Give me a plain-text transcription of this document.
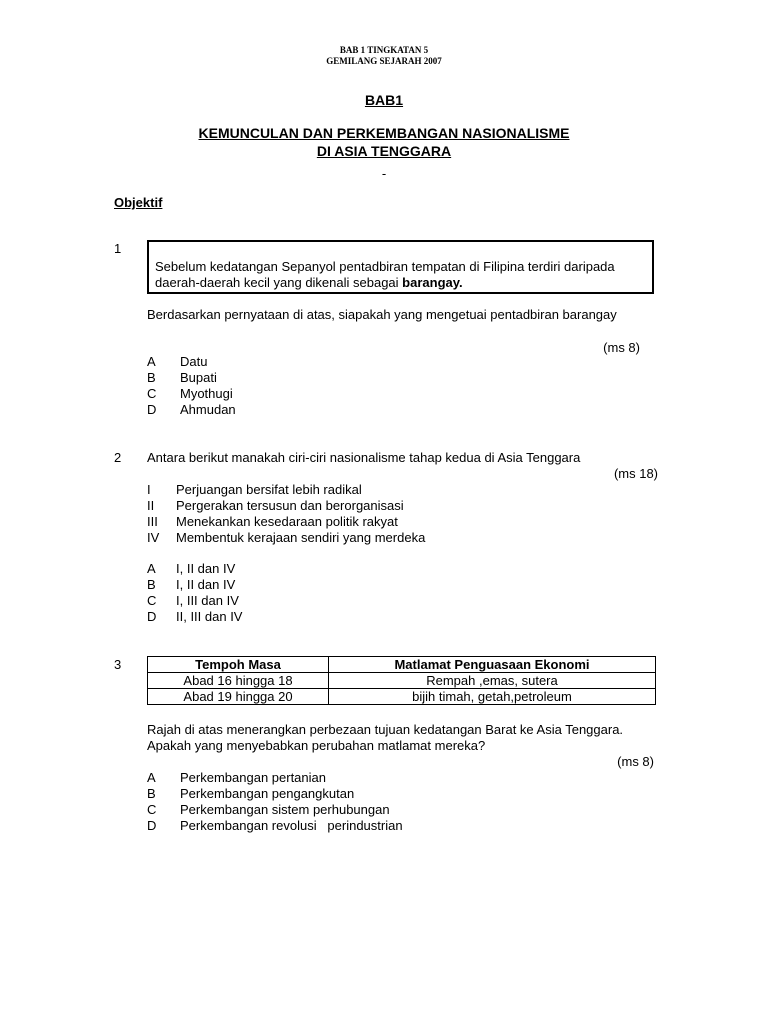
BAB 1 TINGKATAN 5
GEMILANG SEJARAH 2007
BAB1
KEMUNCULAN DAN PERKEMBANGAN NASIONALISME
DI ASIA TENGGARA
-
Objektif
1
Sebelum kedatangan Sepanyol pentadbiran tempatan di Filipina terdiri daripada
daerah-daerah kecil yang dikenali sebagai barangay.
Berdasarkan pernyataan di atas, siapakah yang mengetuai pentadbiran barangay
(ms 8)
A Datu
B Bupati
C Myothugi
D Ahmudan
2 Antara berikut manakah ciri-ciri nasionalisme tahap kedua di Asia Tenggara
(ms 18)
I Perjuangan bersifat lebih radikal
II Pergerakan tersusun dan berorganisasi
III Menekankan kesedaraan politik rakyat
IV Membentuk kerajaan sendiri yang merdeka
A I, II dan IV
B I, II dan IV
C I, III dan IV
D II, III dan IV
3	Tempoh Masa	Matlamat Penguasaan Ekonomi
Abad 16 hingga 18	Rempah ,emas, sutera
Abad 19 hingga 20	bijih timah, getah,petroleum
Rajah di atas menerangkan perbezaan tujuan kedatangan Barat ke Asia Tenggara.
Apakah yang menyebabkan perubahan matlamat mereka?
(ms 8)
A Perkembangan pertanian
B Perkembangan pengangkutan
C Perkembangan sistem perhubungan
D Perkembangan revolusi   perindustrian
